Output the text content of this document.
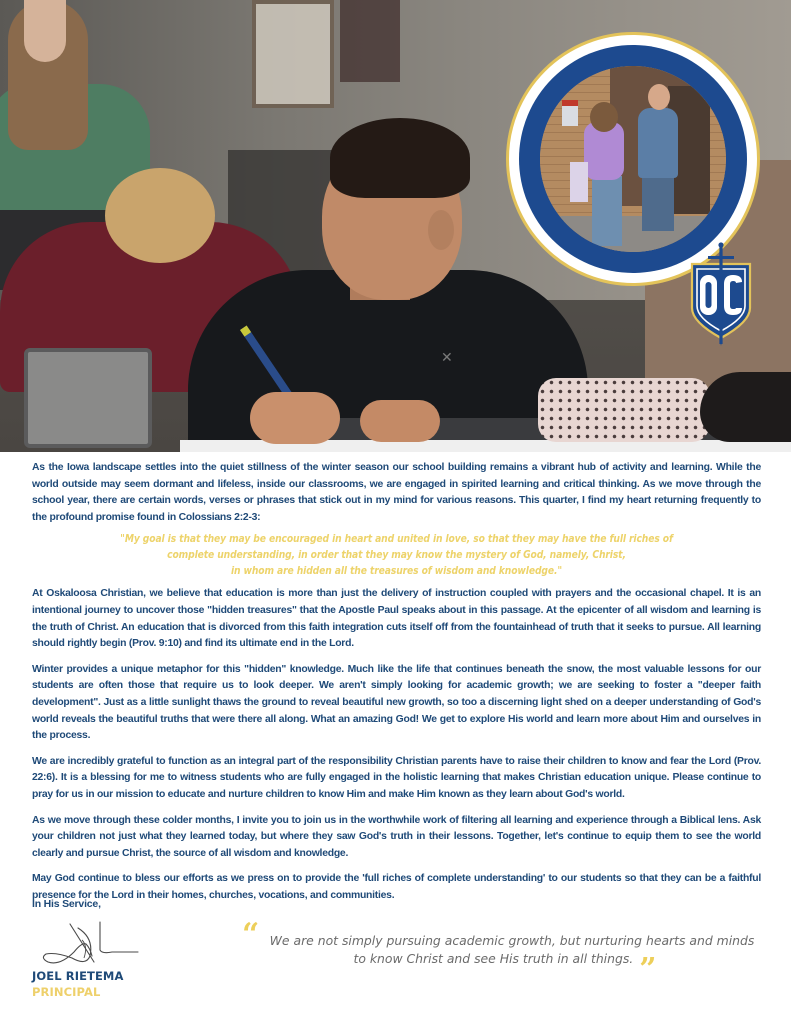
✕

As the Iowa landscape settles into the quiet stillness of the winter season our school building remains a vibrant hub of activity and learning. While the world outside may seem dormant and lifeless, inside our classrooms, we are engaged in spirited learning and critical thinking. As we move through the school year, there are certain words, verses or phrases that stick out in my mind for various reasons. This quarter, I find my heart returning frequently to the profound promise found in Colossians 2:2-3:

"My goal is that they may be encouraged in heart and united in love, so that they may have the full riches of
complete understanding, in order that they may know the mystery of God, namely, Christ,
in whom are hidden all the treasures of wisdom and knowledge."

At Oskaloosa Christian, we believe that education is more than just the delivery of instruction coupled with prayers and the occasional chapel. It is an intentional journey to uncover those "hidden treasures" that the Apostle Paul speaks about in this passage. At the epicenter of all wisdom and learning is the truth of Christ. An education that is divorced from this faith integration cuts itself off from the fountainhead of truth that it seeks to pursue. All learning should rightly begin (Prov. 9:10) and find its ultimate end in the Lord.

Winter provides a unique metaphor for this "hidden" knowledge. Much like the life that continues beneath the snow, the most valuable lessons for our students are often those that require us to look deeper. We aren't simply looking for academic growth; we are seeking to foster a "deeper faith development". Just as a little sunlight thaws the ground to reveal beautiful new growth, so too a discerning light shed on a deeper understanding of God's world reveals the beautiful truths that were there all along. What an amazing God! We get to explore His world and learn more about Him and ourselves in the process.

We are incredibly grateful to function as an integral part of the responsibility Christian parents have to raise their children to know and fear the Lord (Prov. 22:6). It is a blessing for me to witness students who are fully engaged in the holistic learning that makes Christian education unique. Please continue to pray for us in our mission to educate and nurture children to know Him and make Him known as they learn about God's world.

As we move through these colder months, I invite you to join us in the worthwhile work of filtering all learning and experience through a Biblical lens. Ask your children not just what they learned today, but where they saw God's truth in their lessons. Together, let's continue to equip them to see the world clearly and pursue Christ, the source of all wisdom and knowledge.

May God continue to bless our efforts as we press on to provide the 'full riches of complete understanding' to our students so that they can be a faithful presence for the Lord in their homes, churches, vocations, and communities.

In His Service,
JOEL RIETEMA
PRINCIPAL
“ We are not simply pursuing academic growth, but nurturing hearts and minds
to know Christ and see His truth in all things. ”
